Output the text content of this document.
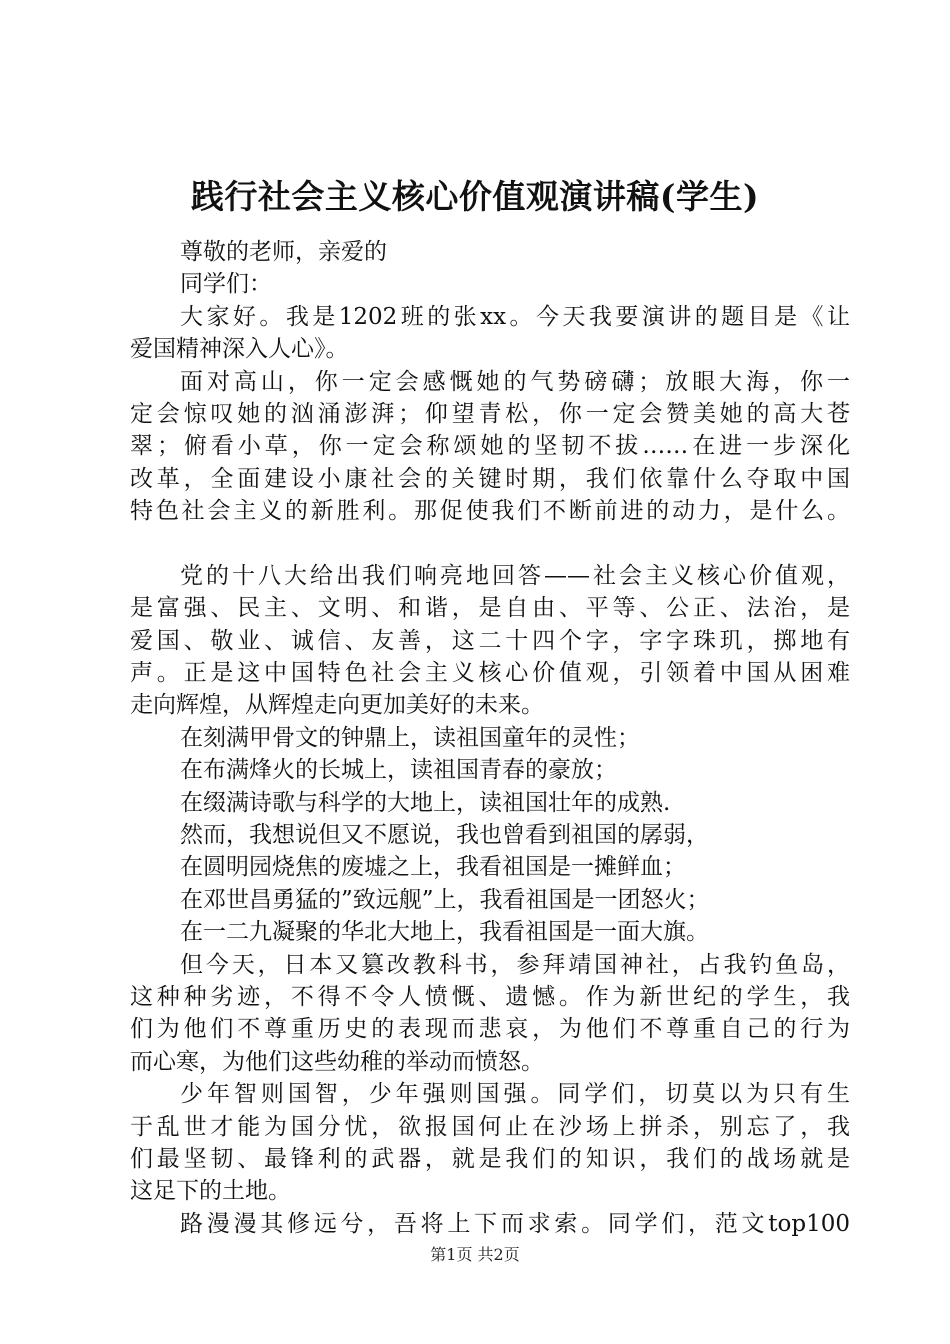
践行社会主义核心价值观演讲稿(学生)
尊敬的老师，亲爱的
同学们：
大家好。我是1202班的张xx。今天我要演讲的题目是《让
爱国精神深入人心》。
面对高山，你一定会感慨她的气势磅礴；放眼大海，你一
定会惊叹她的汹涌澎湃；仰望青松，你一定会赞美她的高大苍
翠；俯看小草，你一定会称颂她的坚韧不拔……在进一步深化
改革，全面建设小康社会的关键时期，我们依靠什么夺取中国
特色社会主义的新胜利。那促使我们不断前进的动力，是什么。
党的十八大给出我们响亮地回答——社会主义核心价值观，
是富强、民主、文明、和谐，是自由、平等、公正、法治，是
爱国、敬业、诚信、友善，这二十四个字，字字珠玑，掷地有
声。正是这中国特色社会主义核心价值观，引领着中国从困难
走向辉煌，从辉煌走向更加美好的未来。
在刻满甲骨文的钟鼎上，读祖国童年的灵性；
在布满烽火的长城上，读祖国青春的豪放；
在缀满诗歌与科学的大地上，读祖国壮年的成熟.
然而，我想说但又不愿说，我也曾看到祖国的孱弱，
在圆明园烧焦的废墟之上，我看祖国是一摊鲜血；
在邓世昌勇猛的”致远舰”上，我看祖国是一团怒火；
在一二九凝聚的华北大地上，我看祖国是一面大旗。
但今天，日本又篡改教科书，参拜靖国神社，占我钓鱼岛，
这种种劣迹，不得不令人愤慨、遗憾。作为新世纪的学生，我
们为他们不尊重历史的表现而悲哀，为他们不尊重自己的行为
而心寒，为他们这些幼稚的举动而愤怒。
少年智则国智，少年强则国强。同学们，切莫以为只有生
于乱世才能为国分忧，欲报国何止在沙场上拼杀，别忘了，我
们最坚韧、最锋利的武器，就是我们的知识，我们的战场就是
这足下的土地。
路漫漫其修远兮，吾将上下而求索。同学们，范文top100
第1页 共2页
